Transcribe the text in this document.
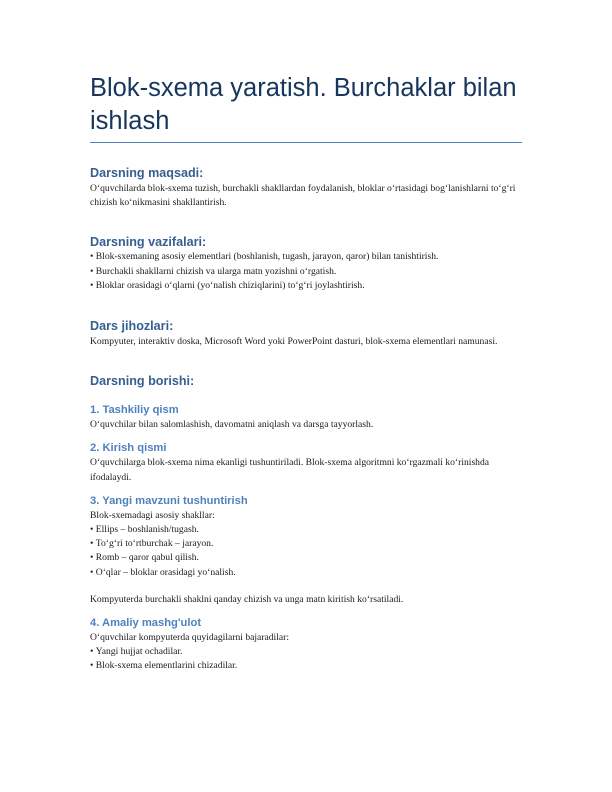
Blok-sxema yaratish. Burchaklar bilan ishlash
Darsning maqsadi:

O‘quvchilarda blok-sxema tuzish, burchakli shakllardan foydalanish, bloklar o‘rtasidagi bog‘lanishlarni to‘g‘ri chizish ko‘nikmasini shakllantirish.

Darsning vazifalari:

• Blok-sxemaning asosiy elementlari (boshlanish, tugash, jarayon, qaror) bilan tanishtirish.

• Burchakli shakllarni chizish va ularga matn yozishni o‘rgatish.

• Bloklar orasidagi o‘qlarni (yo‘nalish chiziqlarini) to‘g‘ri joylashtirish.

Dars jihozlari:

Kompyuter, interaktiv doska, Microsoft Word yoki PowerPoint dasturi, blok-sxema elementlari namunasi.

Darsning borishi:
1. Tashkiliy qism

O‘quvchilar bilan salomlashish, davomatni aniqlash va darsga tayyorlash.

2. Kirish qismi

O‘quvchilarga blok-sxema nima ekanligi tushuntiriladi. Blok-sxema algoritmni ko‘rgazmali ko‘rinishda ifodalaydi.

3. Yangi mavzuni tushuntirish

Blok-sxemadagi asosiy shakllar:

• Ellips – boshlanish/tugash.

• To‘g‘ri to‘rtburchak – jarayon.

• Romb – qaror qabul qilish.

• O‘qlar – bloklar orasidagi yo‘nalish.

Kompyuterda burchakli shaklni qanday chizish va unga matn kiritish ko‘rsatiladi.

4. Amaliy mashg'ulot

O‘quvchilar kompyuterda quyidagilarni bajaradilar:

• Yangi hujjat ochadilar.

• Blok-sxema elementlarini chizadilar.
